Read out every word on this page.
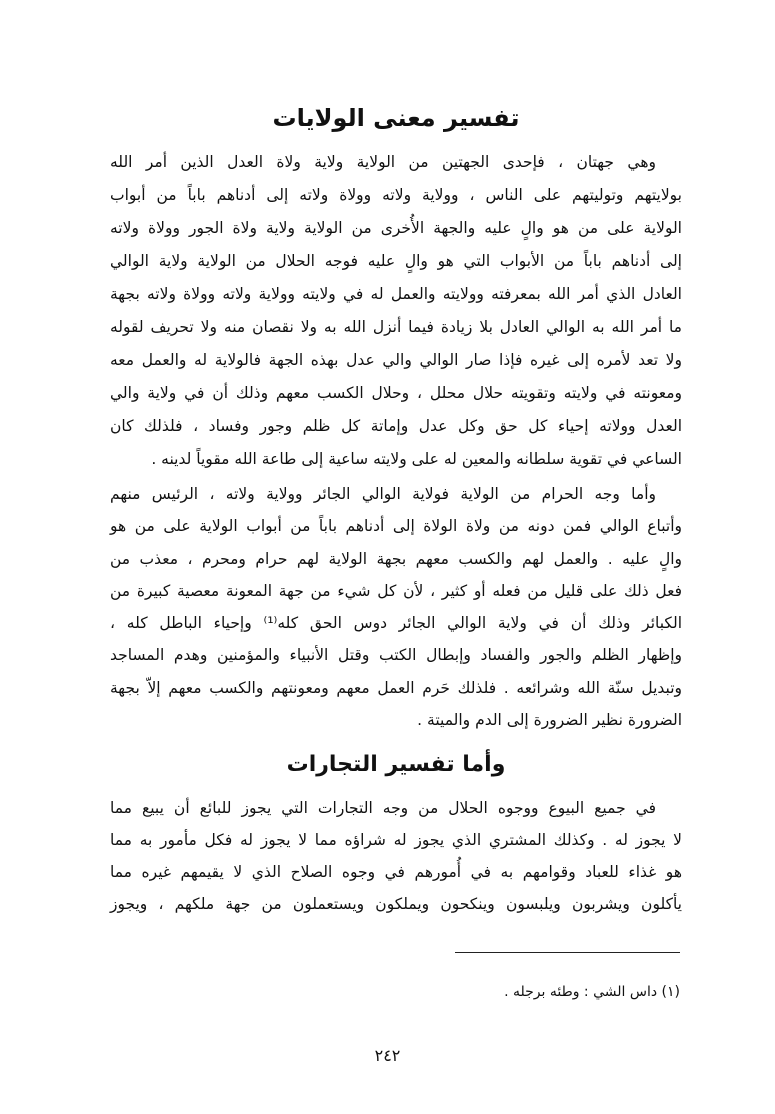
تفسير معنى الولايات
وهي جهتان ، فإحدى الجهتين من الولاية ولاية ولاة العدل الذين أمر الله
بولايتهم وتوليتهم على الناس ، وولاية ولاته وولاة ولاته إلى أدناهم باباً من أبواب
الولاية على من هو والٍ عليه والجهة الأُخرى من الولاية ولاية ولاة الجور وولاة ولاته
إلى أدناهم باباً من الأبواب التي هو والٍ عليه فوجه الحلال من الولاية ولاية الوالي
العادل الذي أمر الله بمعرفته وولايته والعمل له في ولايته وولاية ولاته وولاة ولاته بجهة
ما أمر الله به الوالي العادل بلا زيادة فيما أنزل الله به ولا نقصان منه ولا تحريف لقوله
ولا تعد لأمره إلى غيره فإذا صار الوالي والي عدل بهذه الجهة فالولاية له والعمل معه
ومعونته في ولايته وتقويته حلال محلل ، وحلال الكسب معهم وذلك أن في ولاية والي
العدل وولاته إحياء كل حق وكل عدل وإماتة كل ظلم وجور وفساد ، فلذلك كان
الساعي في تقوية سلطانه والمعين له على ولايته ساعية إلى طاعة الله مقوياً لدينه .
وأما وجه الحرام من الولاية فولاية الوالي الجائر وولاية ولاته ، الرئيس منهم
وأتباع الوالي فمن دونه من ولاة الولاة إلى أدناهم باباً من أبواب الولاية على من هو
والٍ عليه . والعمل لهم والكسب معهم بجهة الولاية لهم حرام ومحرم ، معذب من
فعل ذلك على قليل من فعله أو كثير ، لأن كل شيء من جهة المعونة معصية كبيرة من
الكبائر وذلك أن في ولاية الوالي الجائر دوس الحق كله⁽¹⁾ وإحياء الباطل كله ،
وإظهار الظلم والجور والفساد وإبطال الكتب وقتل الأنبياء والمؤمنين وهدم المساجد
وتبديل سنّة الله وشرائعه . فلذلك حَرم العمل معهم ومعونتهم والكسب معهم إلاّ بجهة
الضرورة نظير الضرورة إلى الدم والميتة .
وأما تفسير التجارات
في جميع البيوع ووجوه الحلال من وجه التجارات التي يجوز للبائع أن يبيع مما
لا يجوز له . وكذلك المشتري الذي يجوز له شراؤه مما لا يجوز له فكل مأمور به مما
هو غذاء للعباد وقوامهم به في أُمورهم في وجوه الصلاح الذي لا يقيمهم غيره مما
يأكلون ويشربون ويلبسون وينكحون ويملكون ويستعملون من جهة ملكهم ، ويجوز
(١) داس الشي : وطئه برجله .
٢٤٢
